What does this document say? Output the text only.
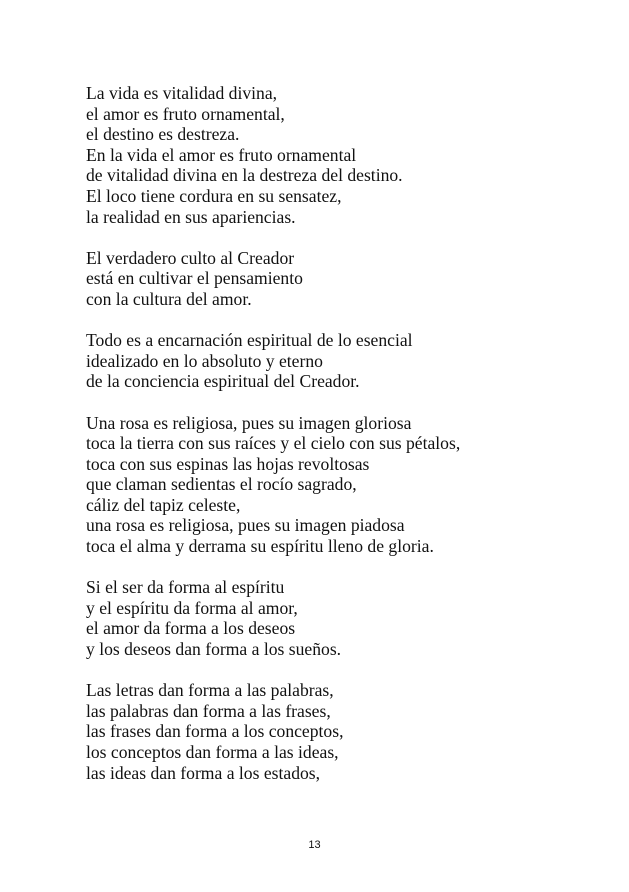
La vida es vitalidad divina,
el amor es fruto ornamental,
el destino es destreza.
En la vida el amor es fruto ornamental
de vitalidad divina en la destreza del destino.
El loco tiene cordura en su sensatez,
la realidad en sus apariencias.
El verdadero culto al Creador
está en cultivar el pensamiento
con la cultura del amor.
Todo es a encarnación espiritual de lo esencial
idealizado en lo absoluto y eterno
de la conciencia espiritual del Creador.
Una rosa es religiosa, pues su imagen gloriosa
toca la tierra con sus raíces y el cielo con sus pétalos,
toca con sus espinas las hojas revoltosas
que claman sedientas el rocío sagrado,
cáliz del tapiz celeste,
una rosa es religiosa, pues su imagen piadosa
toca el alma y derrama su espíritu lleno de gloria.
Si el ser da forma al espíritu
y el espíritu da forma al amor,
el amor da forma a los deseos
y los deseos dan forma a los sueños.
Las letras dan forma a las palabras,
las palabras dan forma a las frases,
las frases dan forma a los conceptos,
los conceptos dan forma a las ideas,
las ideas dan forma a los estados,
13
